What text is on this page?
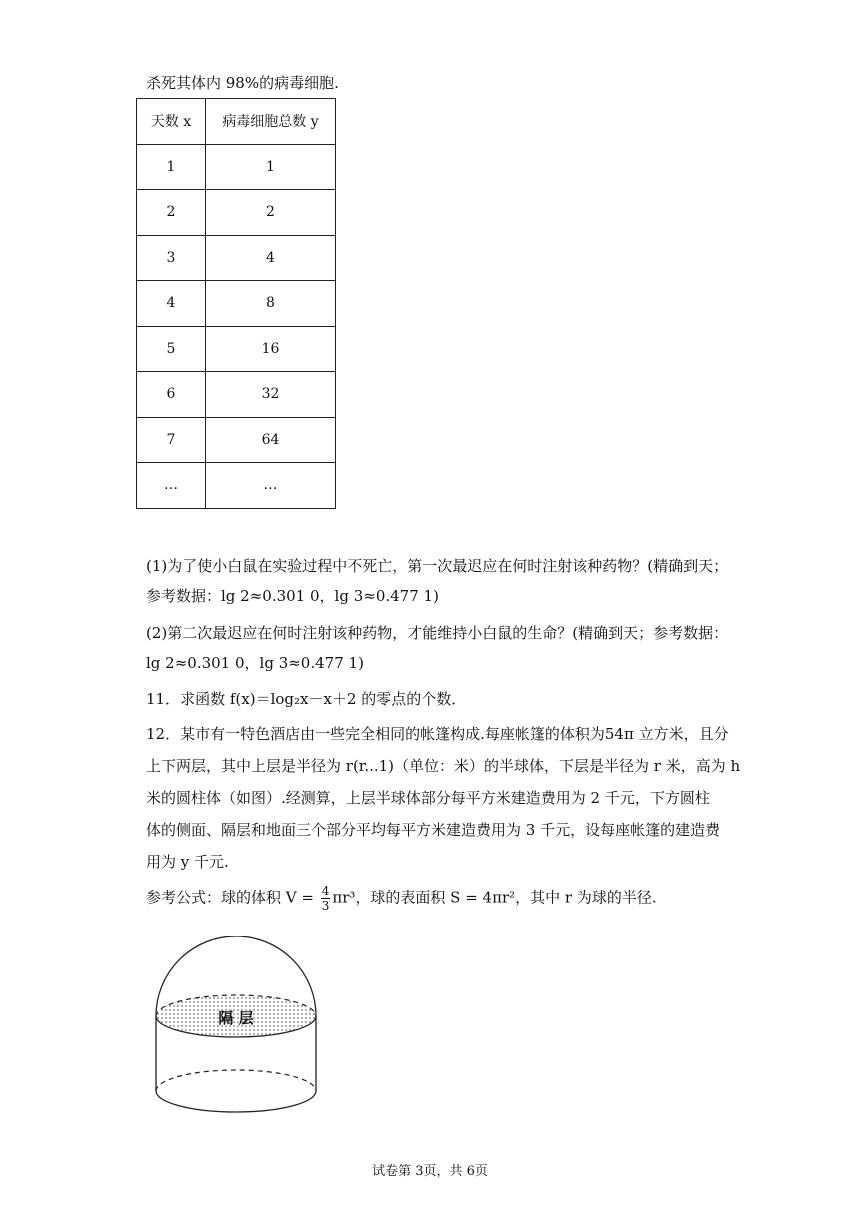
杀死其体内 98%的病毒细胞.
天数 x	病毒细胞总数 y
1	1
2	2
3	4
4	8
5	16
6	32
7	64
…	…
(1)为了使小白鼠在实验过程中不死亡，第一次最迟应在何时注射该种药物？(精确到天；
参考数据：lg 2≈0.301 0，lg 3≈0.477 1)
(2)第二次最迟应在何时注射该种药物，才能维持小白鼠的生命？(精确到天；参考数据：
lg 2≈0.301 0，lg 3≈0.477 1)
11．求函数 f(x)＝log₂x－x＋2 的零点的个数．
12．某市有一特色酒店由一些完全相同的帐篷构成.每座帐篷的体积为54π 立方米，且分
上下两层，其中上层是半径为 r(r...1)（单位：米）的半球体，下层是半径为 r 米，高为 h
米的圆柱体（如图）.经测算，上层半球体部分每平方米建造费用为 2 千元，下方圆柱
体的侧面、隔层和地面三个部分平均每平方米建造费用为 3 千元，设每座帐篷的建造费
用为 y 千元.
参考公式：球的体积 $V = \frac{4}{3} \pi r^3$，球的表面积 S = 4πr²，其中 r 为球的半径.
隔 层
试卷第 3页，共 6页
